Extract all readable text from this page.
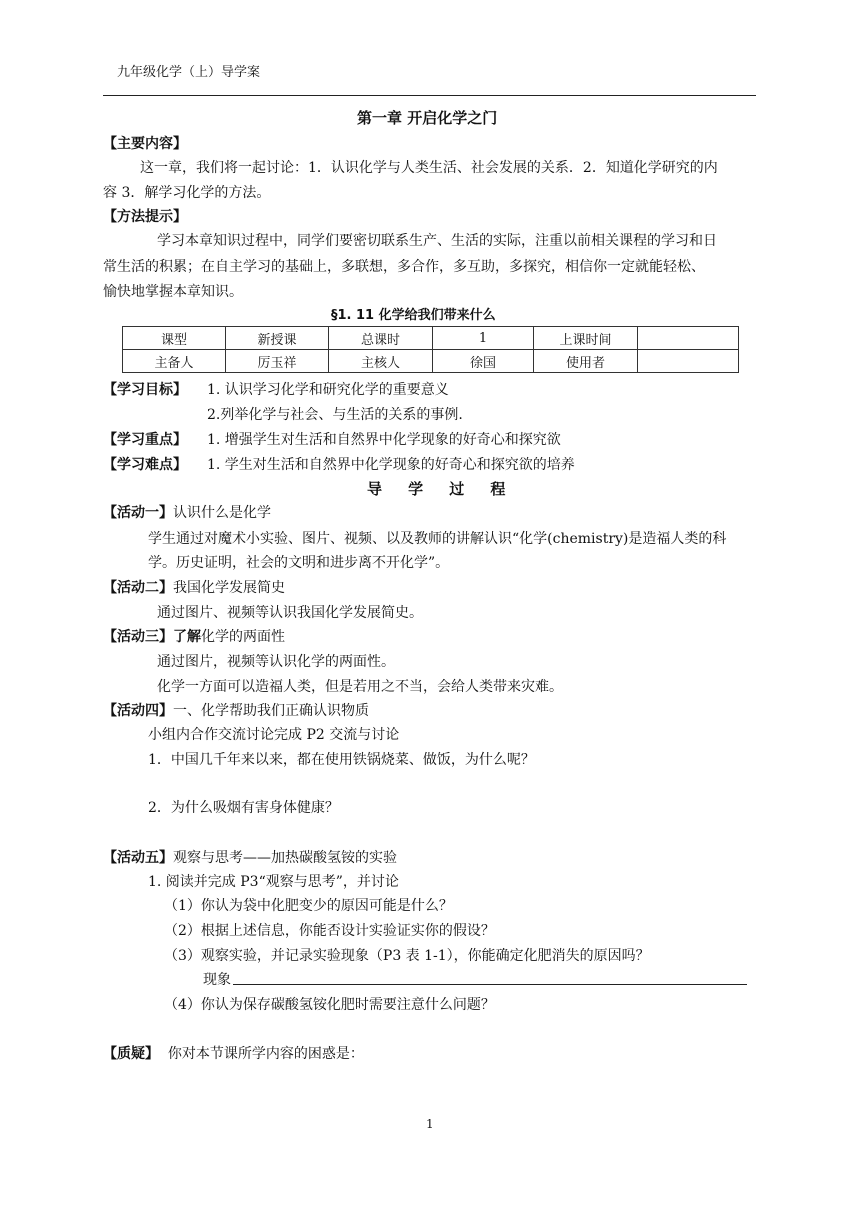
九年级化学（上）导学案
第一章 开启化学之门
【主要内容】
这一章，我们将一起讨论：1．认识化学与人类生活、社会发展的关系．2．知道化学研究的内
容 3．解学习化学的方法。
【方法提示】
学习本章知识过程中，同学们要密切联系生产、生活的实际，注重以前相关课程的学习和日
常生活的积累；在自主学习的基础上，多联想，多合作，多互助，多探究，相信你一定就能轻松、
愉快地掌握本章知识。
§1. 11 化学给我们带来什么
课型	新授课	总课时	1	上课时间	
主备人	厉玉祥	主核人	徐国	使用者	
【学习目标】 1. 认识学习化学和研究化学的重要意义
2.列举化学与社会、与生活的关系的事例.
【学习重点】 1. 增强学生对生活和自然界中化学现象的好奇心和探究欲
【学习难点】 1. 学生对生活和自然界中化学现象的好奇心和探究欲的培养
导     学     过     程
【活动一】认识什么是化学
学生通过对魔术小实验、图片、视频、以及教师的讲解认识“化学(chemistry)是造福人类的科
学。历史证明，社会的文明和进步离不开化学”。
【活动二】我国化学发展简史
通过图片、视频等认识我国化学发展简史。
【活动三】了解化学的两面性
通过图片，视频等认识化学的两面性。
化学一方面可以造福人类，但是若用之不当，会给人类带来灾难。
【活动四】一、化学帮助我们正确认识物质
小组内合作交流讨论完成 P2 交流与讨论
1．中国几千年来以来，都在使用铁锅烧菜、做饭，为什么呢？
2．为什么吸烟有害身体健康？
【活动五】观察与思考——加热碳酸氢铵的实验
1. 阅读并完成 P3“观察与思考”，并讨论
（1）你认为袋中化肥变少的原因可能是什么？
（2）根据上述信息，你能否设计实验证实你的假设？
（3）观察实验，并记录实验现象（P3 表 1-1），你能确定化肥消失的原因吗？
现象
（4）你认为保存碳酸氢铵化肥时需要注意什么问题？
【质疑】 你对本节课所学内容的困惑是：
1
